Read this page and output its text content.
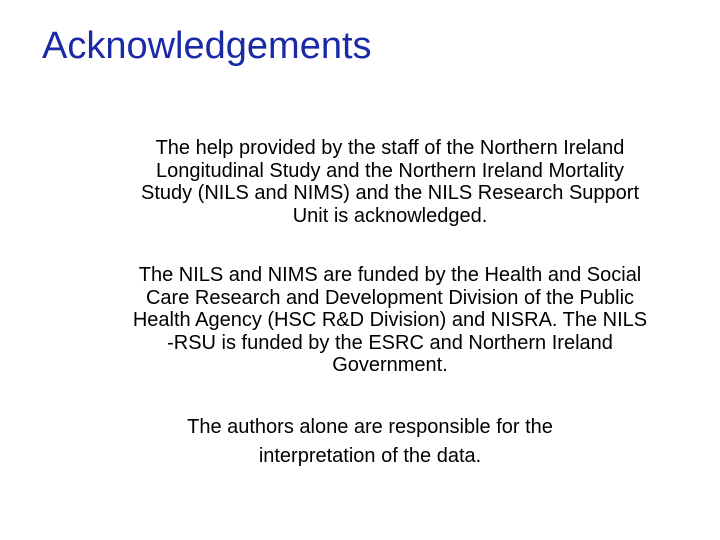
Acknowledgements

The help provided by the staff of the Northern Ireland
Longitudinal Study and the Northern Ireland Mortality
Study (NILS and NIMS) and the NILS Research Support
Unit is acknowledged.

The NILS and NIMS are funded by the Health and Social
Care Research and Development Division of the Public
Health Agency (HSC R&D Division) and NISRA. The NILS
-RSU is funded by the ESRC and Northern Ireland
Government.

The authors alone are responsible for the
interpretation of the data.
